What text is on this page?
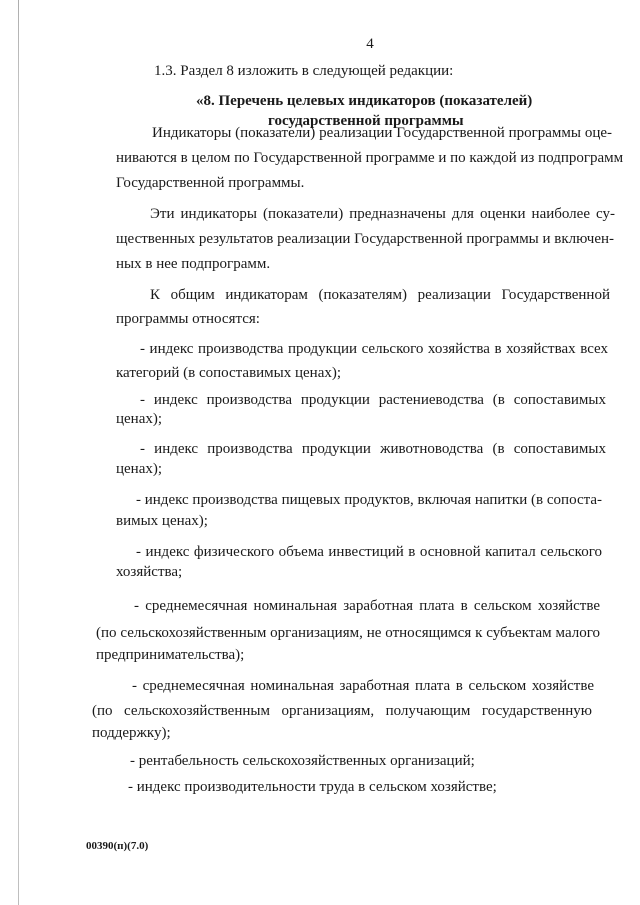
4
1.3. Раздел 8 изложить в следующей редакции:
«8. Перечень целевых индикаторов (показателей)
государственной программы
Индикаторы (показатели) реализации Государственной программы оце-
ниваются в целом по Государственной программе и по каждой из подпрограмм
Государственной программы.
Эти индикаторы (показатели) предназначены для оценки наиболее су-
щественных результатов реализации Государственной программы и включен-
ных в нее подпрограмм.
К общим индикаторам (показателям) реализации Государственной
программы относятся:
- индекс производства продукции сельского хозяйства в хозяйствах всех
категорий (в сопоставимых ценах);
- индекс производства продукции растениеводства (в сопоставимых
ценах);
- индекс производства продукции животноводства (в сопоставимых
ценах);
- индекс производства пищевых продуктов, включая напитки (в сопоста-
вимых ценах);
- индекс физического объема инвестиций в основной капитал сельского
хозяйства;
- среднемесячная номинальная заработная плата в сельском хозяйстве
(по сельскохозяйственным организациям, не относящимся к субъектам малого
предпринимательства);
- среднемесячная номинальная заработная плата в сельском хозяйстве
(по сельскохозяйственным организациям, получающим государственную
поддержку);
- рентабельность сельскохозяйственных организаций;
- индекс производительности труда в сельском хозяйстве;
00390(п)(7.0)
